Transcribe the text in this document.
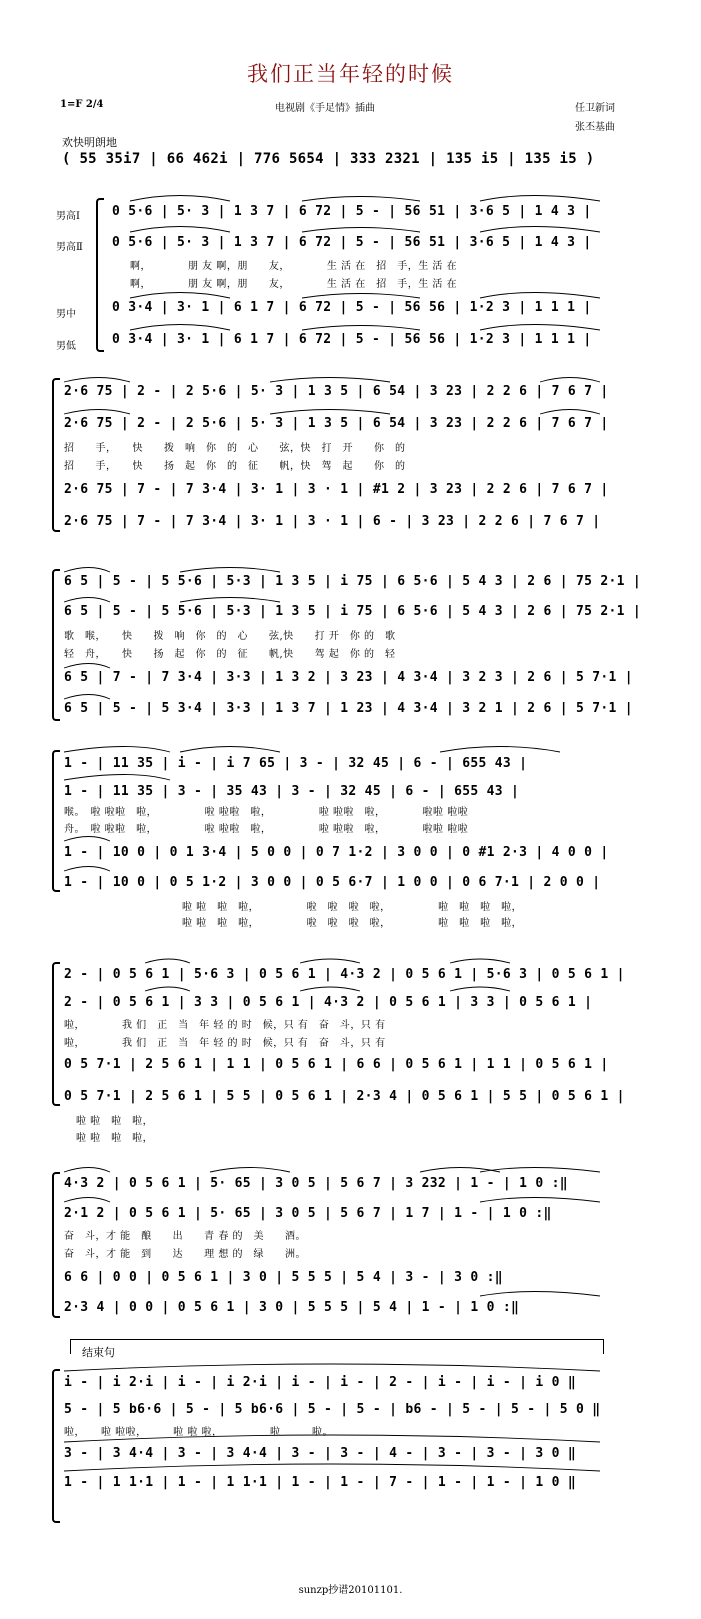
我们正当年轻的时候
1=F 2/4	电视剧《手足情》插曲	任卫新词
张丕基曲
欢快明朗地
( 55 35i7 | 66 462i | 776 5654 | 333 2321 | 135 i5 | 135 i5 )
男高Ⅰ
男高Ⅱ
男中
男低
0 5·6 | 5· 3 | 1 3 7 | 6 72 | 5 - | 56 51 | 3·6 5 | 1 4 3 |
0 5·6 | 5· 3 | 1 3 7 | 6 72 | 5 - | 56 51 | 3·6 5 | 1 4 3 |
啊，　　　　朋 友 啊，朋　　友，　　　　生 活 在　招　手，生 活 在
啊，　　　　朋 友 啊，朋　　友，　　　　生 活 在　招　手，生 活 在
0 3·4 | 3· 1 | 6 1 7 | 6 72 | 5 - | 56 56 | 1·2 3 | 1 1 1 |
0 3·4 | 3· 1 | 6 1 7 | 6 72 | 5 - | 56 56 | 1·2 3 | 1 1 1 |
2·6 75 | 2 - | 2 5·6 | 5· 3 | 1 3 5 | 6 54 | 3 23 | 2 2 6 | 7 6 7 |
2·6 75 | 2 - | 2 5·6 | 5· 3 | 1 3 5 | 6 54 | 3 23 | 2 2 6 | 7 6 7 |
招　　手，　　快　　拨　响　你　的　心　　弦，快　打　开　　你　的
招　　手，　　快　　扬　起　你　的　征　　帆，快　驾　起　　你　的
2·6 75 | 7 - | 7 3·4 | 3· 1 | 3 · 1 | #1 2 | 3 23 | 2 2 6 | 7 6 7 |
2·6 75 | 7 - | 7 3·4 | 3· 1 | 3 · 1 | 6 - | 3 23 | 2 2 6 | 7 6 7 |
6 5 | 5 - | 5 5·6 | 5·3 | 1 3 5 | i 75 | 6 5·6 | 5 4 3 | 2 6 | 75 2·1 |
6 5 | 5 - | 5 5·6 | 5·3 | 1 3 5 | i 75 | 6 5·6 | 5 4 3 | 2 6 | 75 2·1 |
歌　喉，　　快　　拨　响　你　的　心　　弦,快　　打 开　你 的　歌
轻　舟，　　快　　扬　起　你　的　征　　帆,快　　驾 起　你 的　轻
6 5 | 7 - | 7 3·4 | 3·3 | 1 3 2 | 3 23 | 4 3·4 | 3 2 3 | 2 6 | 5 7·1 |
6 5 | 5 - | 5 3·4 | 3·3 | 1 3 7 | 1 23 | 4 3·4 | 3 2 1 | 2 6 | 5 7·1 |
1 - | 11 35 | i - | i 7 65 | 3 - | 32 45 | 6 - | 655 43 |
1 - | 11 35 | 3 - | 35 43 | 3 - | 32 45 | 6 - | 655 43 |
喉。　啦 啦啦　啦，　　　　　啦 啦啦　啦，　　　　　啦 啦啦　啦，　　　　啦啦 啦啦
舟。　啦 啦啦　啦，　　　　　啦 啦啦　啦，　　　　　啦 啦啦　啦，　　　　啦啦 啦啦
1 - | 10 0 | 0 1 3·4 | 5 0 0 | 0 7 1·2 | 3 0 0 | 0 #1 2·3 | 4 0 0 |
1 - | 10 0 | 0 5 1·2 | 3 0 0 | 0 5 6·7 | 1 0 0 | 0 6 7·1 | 2 0 0 |
啦 啦　啦　啦，　　　　　啦　啦　啦　啦，　　　　　啦　啦　啦　啦，
啦 啦　啦　啦，　　　　　啦　啦　啦　啦，　　　　　啦　啦　啦　啦，
2 - | 0 5 6 1 | 5·6 3 | 0 5 6 1 | 4·3 2 | 0 5 6 1 | 5·6 3 | 0 5 6 1 |
2 - | 0 5 6 1 | 3 3 | 0 5 6 1 | 4·3 2 | 0 5 6 1 | 3 3 | 0 5 6 1 |
啦，　　　　我 们　正　当　年 轻 的 时　候，只 有　奋　斗，只 有
啦，　　　　我 们　正　当　年 轻 的 时　候，只 有　奋　斗，只 有
0 5 7·1 | 2 5 6 1 | 1 1 | 0 5 6 1 | 6 6 | 0 5 6 1 | 1 1 | 0 5 6 1 |
0 5 7·1 | 2 5 6 1 | 5 5 | 0 5 6 1 | 2·3 4 | 0 5 6 1 | 5 5 | 0 5 6 1 |
啦 啦　啦　啦，
啦 啦　啦　啦，
4·3 2 | 0 5 6 1 | 5· 65 | 3 0 5 | 5 6 7 | 3 232 | 1 - | 1 0 :‖
2·1 2 | 0 5 6 1 | 5· 65 | 3 0 5 | 5 6 7 | 1 7 | 1 - | 1 0 :‖
奋　斗，才 能　酿　　出　　青 春 的　美　　酒。
奋　斗，才 能　到　　达　　理 想 的　绿　　洲。
6 6 | 0 0 | 0 5 6 1 | 3 0 | 5 5 5 | 5 4 | 3 - | 3 0 :‖
2·3 4 | 0 0 | 0 5 6 1 | 3 0 | 5 5 5 | 5 4 | 1 - | 1 0 :‖
结束句
i - | i 2·i | i - | i 2·i | i - | i - | 2 - | i - | i - | i 0 ‖
5 - | 5 b6·6 | 5 - | 5 b6·6 | 5 - | 5 - | b6 - | 5 - | 5 - | 5 0 ‖
啦，　　啦 啦啦，　　　啦 啦 啦，　　　　　啦　　　啦。
3 - | 3 4·4 | 3 - | 3 4·4 | 3 - | 3 - | 4 - | 3 - | 3 - | 3 0 ‖
1 - | 1 1·1 | 1 - | 1 1·1 | 1 - | 1 - | 7 - | 1 - | 1 - | 1 0 ‖
sunzp抄谱20101101.
